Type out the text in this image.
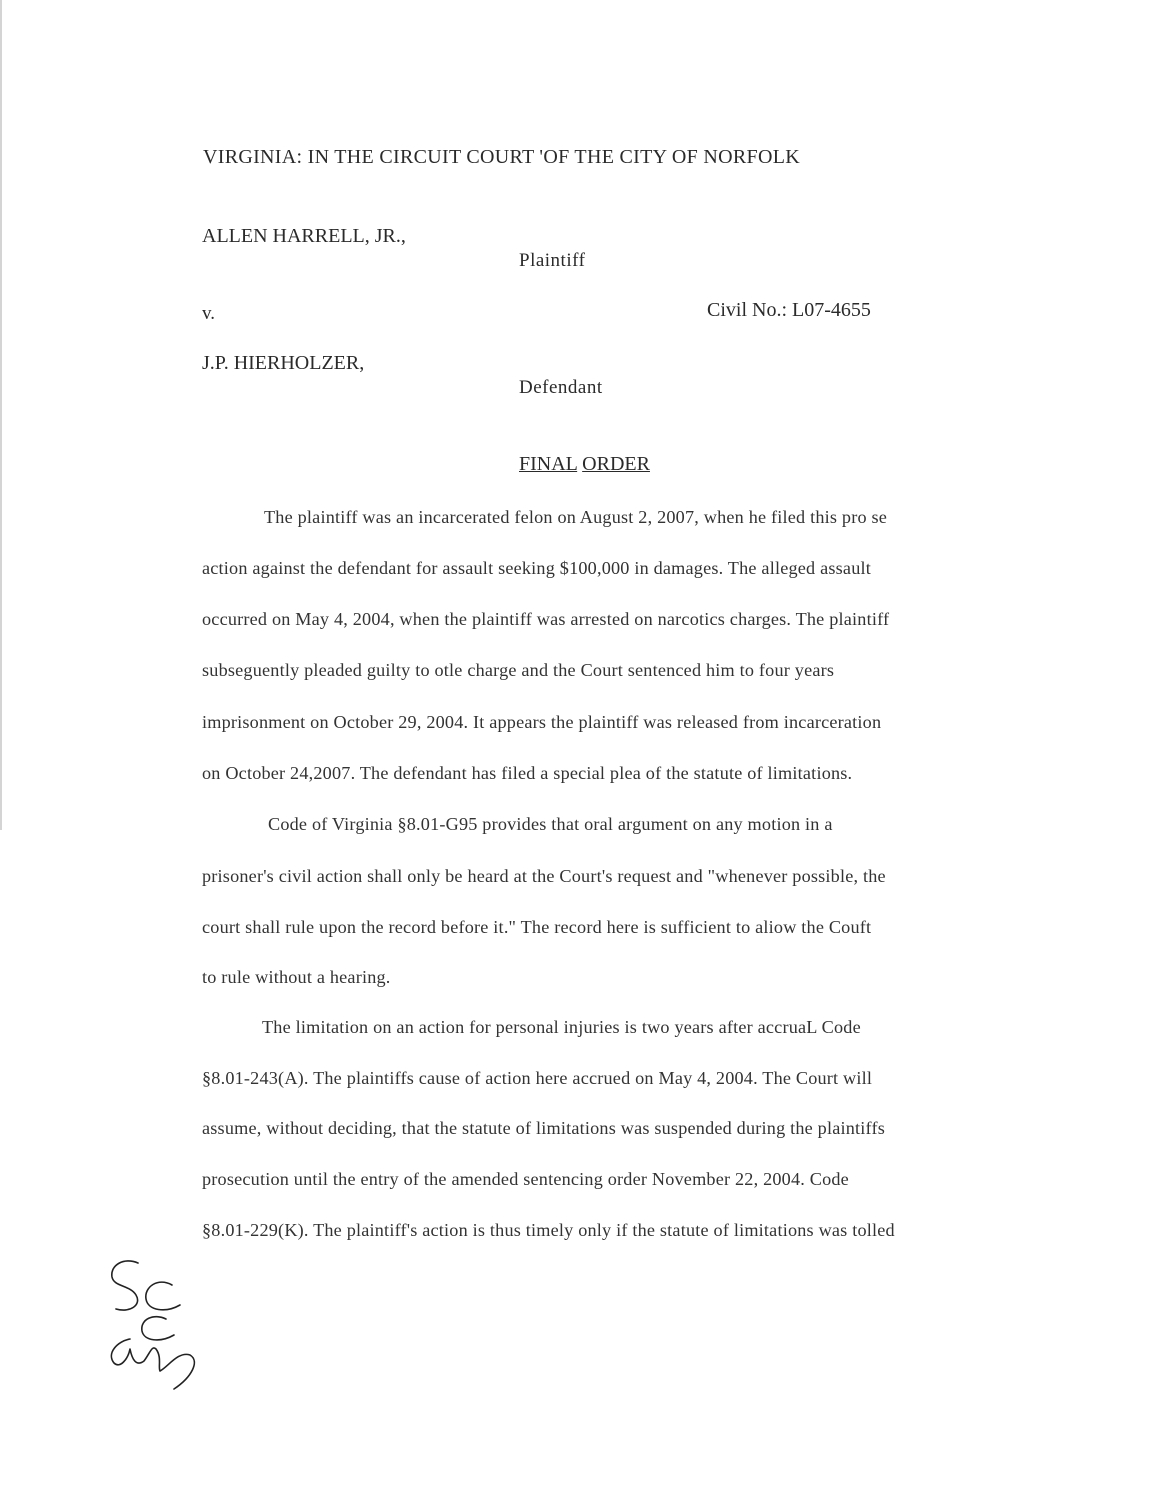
VIRGINIA: IN THE CIRCUIT COURT 'OF THE CITY OF NORFOLK
ALLEN HARRELL, JR.,
Plaintiff
v.	Civil No.: L07-4655
J.P. HIERHOLZER,
Defendant
FINAL ORDER
The plaintiff was an incarcerated felon on August 2, 2007, when he filed this pro se
action against the defendant for assault seeking $100,000 in damages. The alleged assault
occurred on May 4, 2004, when the plaintiff was arrested on narcotics charges. The plaintiff
subseguently pleaded guilty to otle charge and the Court sentenced him to four years
imprisonment on October 29, 2004. It appears the plaintiff was released from incarceration
on October 24,2007. The defendant has filed a special plea of the statute of limitations.
Code of Virginia §8.01-G95 provides that oral argument on any motion in a
prisoner's civil action shall only be heard at the Court's request and "whenever possible, the
court shall rule upon the record before it." The record here is sufficient to aliow the Couft
to rule without a hearing.
The limitation on an action for personal injuries is two years after accruaL Code
§8.01-243(A). The plaintiffs cause of action here accrued on May 4, 2004. The Court will
assume, without deciding, that the statute of limitations was suspended during the plaintiffs
prosecution until the entry of the amended sentencing order November 22, 2004. Code
§8.01-229(K). The plaintiff's action is thus timely only if the statute of limitations was tolled
